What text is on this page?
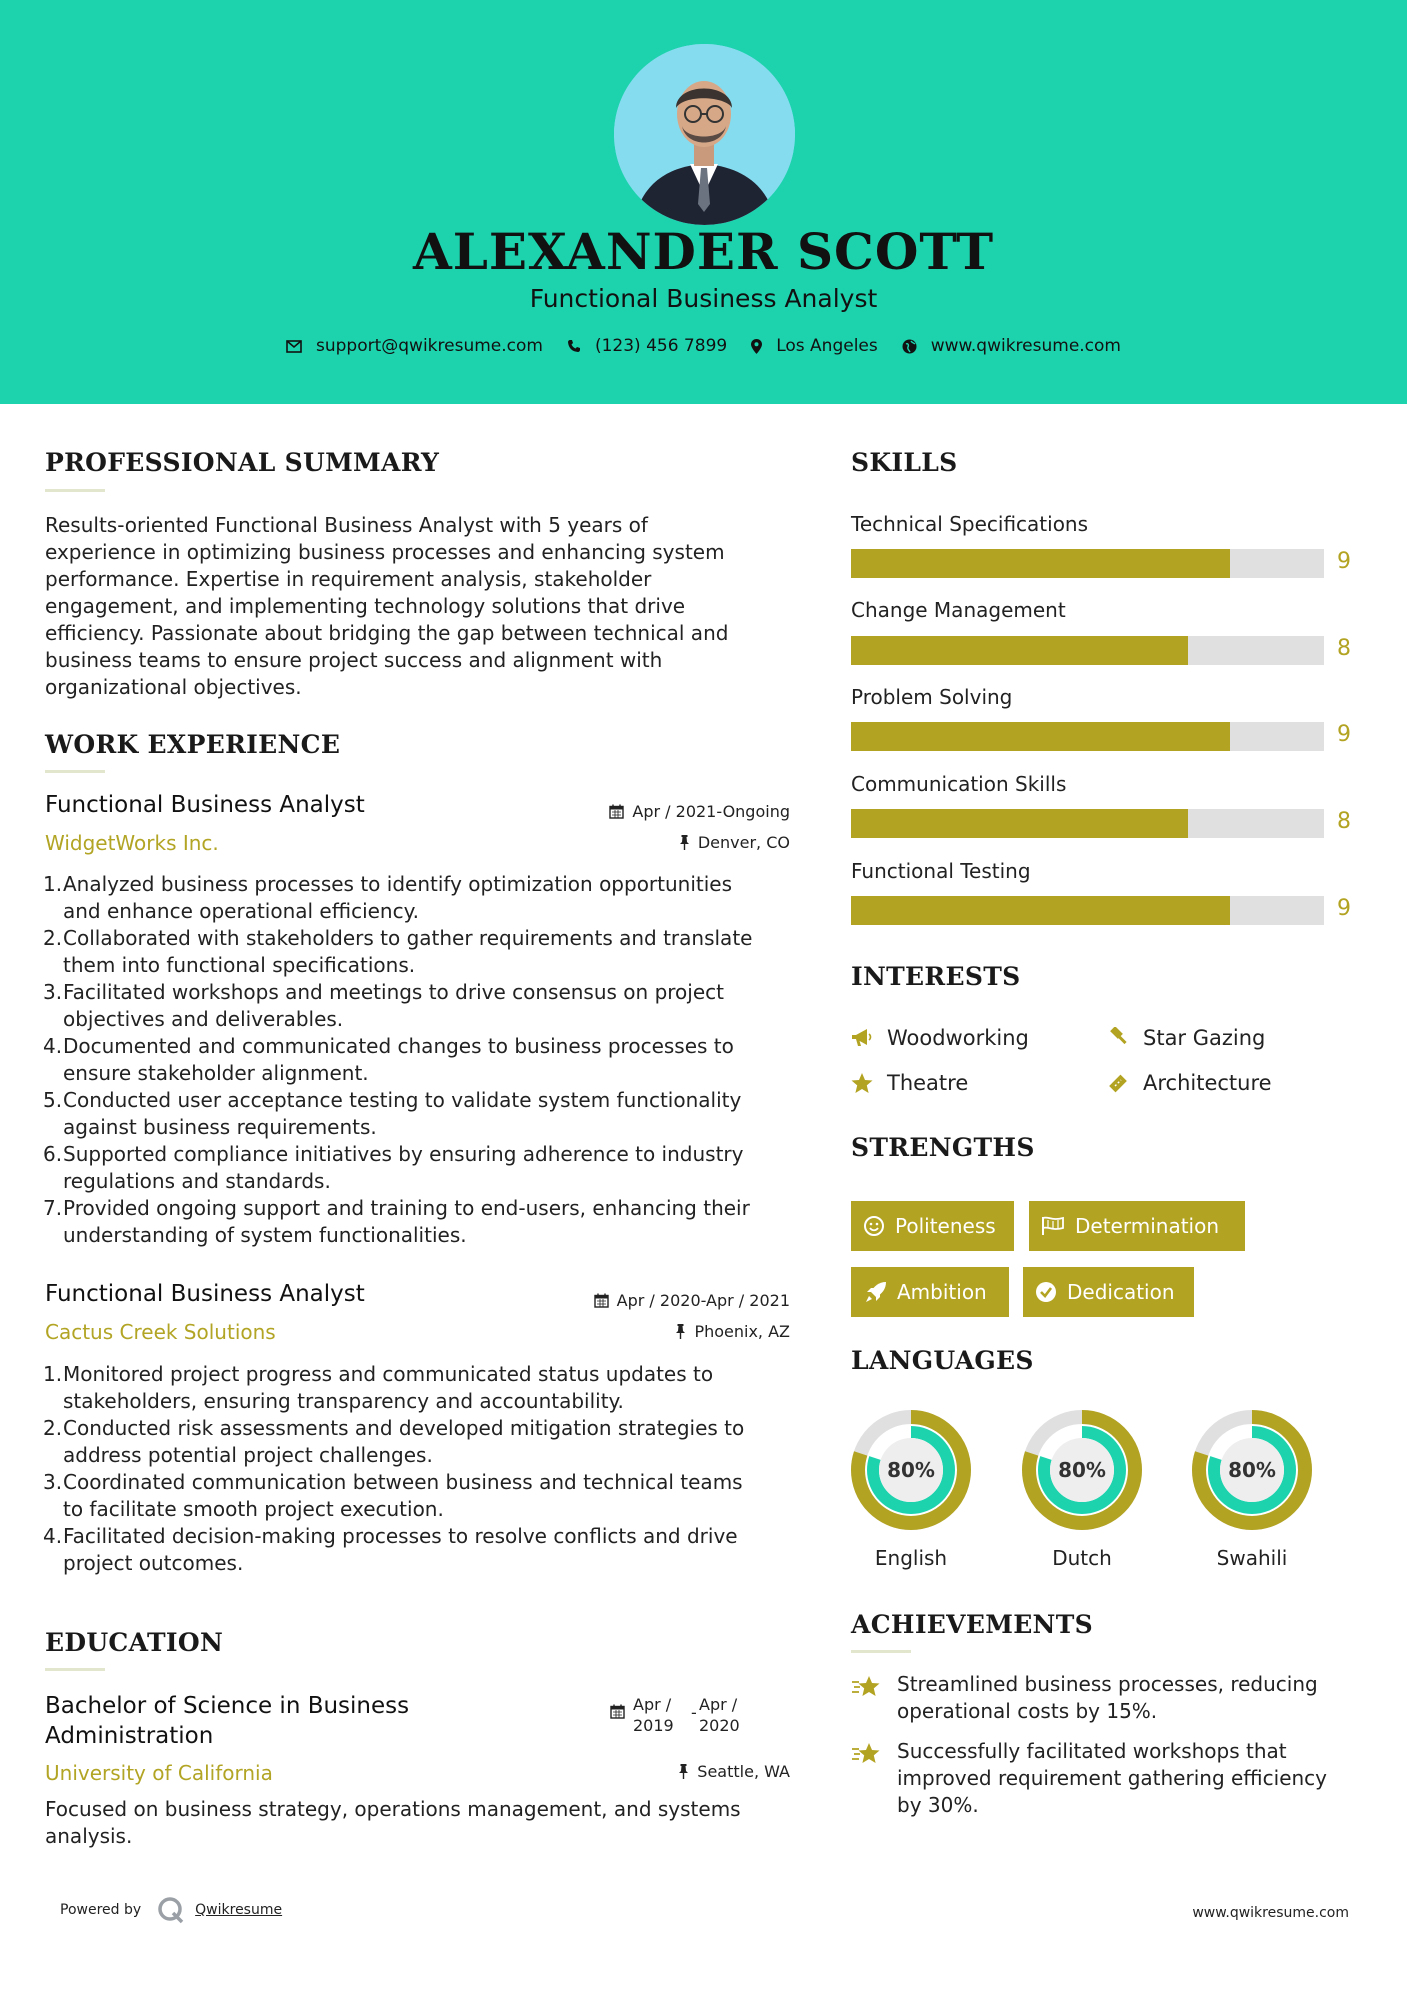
ALEXANDER SCOTT
Functional Business Analyst
support@qwikresume.com	(123) 456 7899	Los Angeles	www.qwikresume.com
PROFESSIONAL SUMMARY
Results-oriented Functional Business Analyst with 5 years of
experience in optimizing business processes and enhancing system
performance. Expertise in requirement analysis, stakeholder
engagement, and implementing technology solutions that drive
efficiency. Passionate about bridging the gap between technical and
business teams to ensure project success and alignment with
organizational objectives.
WORK EXPERIENCE
Functional Business Analyst	Apr / 2021-Ongoing
WidgetWorks Inc.	Denver, CO
1. Analyzed business processes to identify optimization opportunities
and enhance operational efficiency.
2. Collaborated with stakeholders to gather requirements and translate
them into functional specifications.
3. Facilitated workshops and meetings to drive consensus on project
objectives and deliverables.
4. Documented and communicated changes to business processes to
ensure stakeholder alignment.
5. Conducted user acceptance testing to validate system functionality
against business requirements.
6. Supported compliance initiatives by ensuring adherence to industry
regulations and standards.
7. Provided ongoing support and training to end-users, enhancing their
understanding of system functionalities.
Functional Business Analyst	Apr / 2020-Apr / 2021
Cactus Creek Solutions	Phoenix, AZ
1. Monitored project progress and communicated status updates to
stakeholders, ensuring transparency and accountability.
2. Conducted risk assessments and developed mitigation strategies to
address potential project challenges.
3. Coordinated communication between business and technical teams
to facilitate smooth project execution.
4. Facilitated decision-making processes to resolve conflicts and drive
project outcomes.
EDUCATION
Bachelor of Science in Business
Administration
Apr /
2019
- Apr /
2020
University of California	Seattle, WA
Focused on business strategy, operations management, and systems
analysis.
SKILLS
Technical Specifications
9
Change Management
8
Problem Solving
9
Communication Skills
8
Functional Testing
9
INTERESTS
Woodworking	Star Gazing
Theatre	Architecture
STRENGTHS
Politeness	Determination
Ambition	Dedication
LANGUAGES
80%	80%	80%
English	Dutch	Swahili
ACHIEVEMENTS
Streamlined business processes, reducing
operational costs by 15%.
Successfully facilitated workshops that
improved requirement gathering efficiency
by 30%.
Powered by	Qwikresume	www.qwikresume.com
